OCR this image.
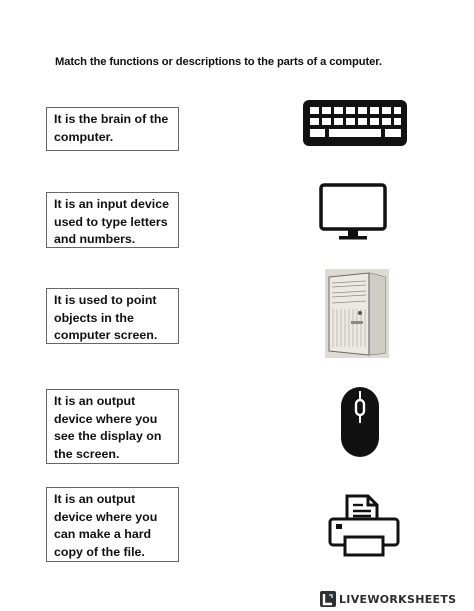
Match the functions or descriptions to the parts of a computer.
It is the brain of the computer.
It is an input device used to type letters and numbers.
It is used to point objects in the computer screen.
It is an output device where you see the display on the screen.
It is an output device where you can make a hard copy of the file.
LIVEWORKSHEETS
